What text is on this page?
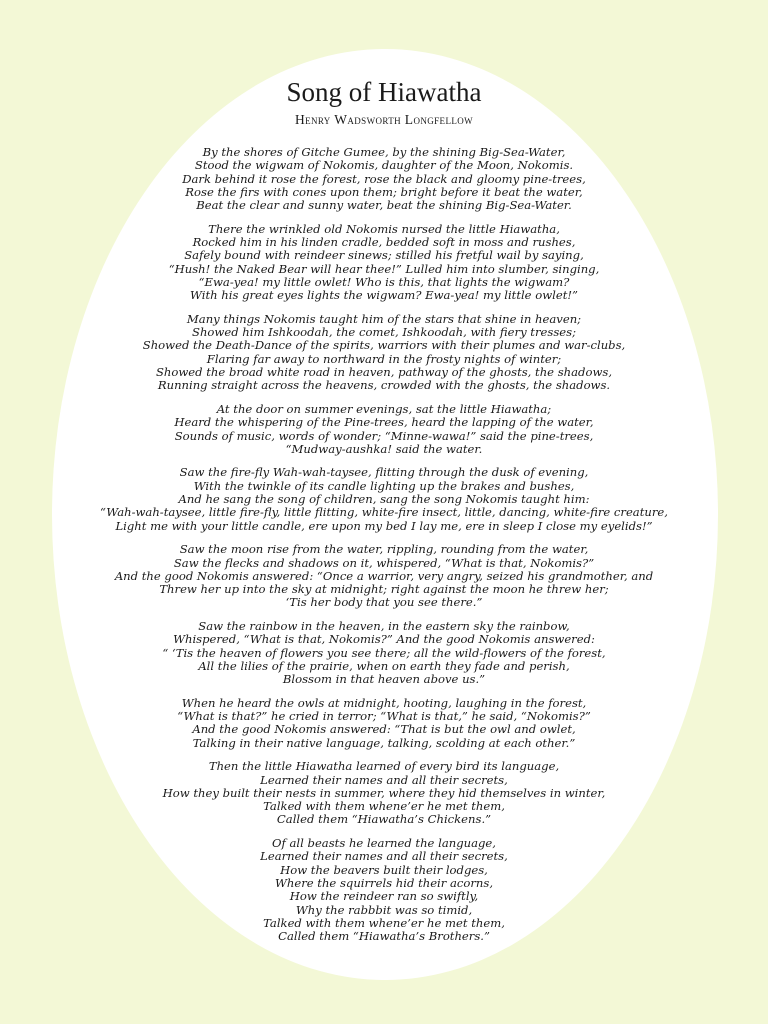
Song of Hiawatha
Henry Wadsworth Longfellow
By the shores of Gitche Gumee, by the shining Big-Sea-Water,
Stood the wigwam of Nokomis, daughter of the Moon, Nokomis.
Dark behind it rose the forest, rose the black and gloomy pine-trees,
Rose the firs with cones upon them; bright before it beat the water,
Beat the clear and sunny water, beat the shining Big-Sea-Water.
There the wrinkled old Nokomis nursed the little Hiawatha,
Rocked him in his linden cradle, bedded soft in moss and rushes,
Safely bound with reindeer sinews; stilled his fretful wail by saying,
“Hush! the Naked Bear will hear thee!” Lulled him into slumber, singing,
“Ewa-yea! my little owlet! Who is this, that lights the wigwam?
With his great eyes lights the wigwam? Ewa-yea! my little owlet!”
Many things Nokomis taught him of the stars that shine in heaven;
Showed him Ishkoodah, the comet, Ishkoodah, with fiery tresses;
Showed the Death-Dance of the spirits, warriors with their plumes and war-clubs,
Flaring far away to northward in the frosty nights of winter;
Showed the broad white road in heaven, pathway of the ghosts, the shadows,
Running straight across the heavens, crowded with the ghosts, the shadows.
At the door on summer evenings, sat the little Hiawatha;
Heard the whispering of the Pine-trees, heard the lapping of the water,
Sounds of music, words of wonder; “Minne-wawa!” said the pine-trees,
“Mudway-aushka! said the water.
Saw the fire-fly Wah-wah-taysee, flitting through the dusk of evening,
With the twinkle of its candle lighting up the brakes and bushes,
And he sang the song of children, sang the song Nokomis taught him:
“Wah-wah-taysee, little fire-fly, little flitting, white-fire insect, little, dancing, white-fire creature,
Light me with your little candle, ere upon my bed I lay me, ere in sleep I close my eyelids!”
Saw the moon rise from the water, rippling, rounding from the water,
Saw the flecks and shadows on it, whispered, “What is that, Nokomis?”
And the good Nokomis answered: “Once a warrior, very angry, seized his grandmother, and
Threw her up into the sky at midnight; right against the moon he threw her;
‘Tis her body that you see there.”
Saw the rainbow in the heaven, in the eastern sky the rainbow,
Whispered, “What is that, Nokomis?” And the good Nokomis answered:
“ ‘Tis the heaven of flowers you see there; all the wild-flowers of the forest,
All the lilies of the prairie, when on earth they fade and perish,
Blossom in that heaven above us.”
When he heard the owls at midnight, hooting, laughing in the forest,
“What is that?” he cried in terror; “What is that,” he said, “Nokomis?”
And the good Nokomis answered: “That is but the owl and owlet,
Talking in their native language, talking, scolding at each other.”
Then the little Hiawatha learned of every bird its language,
Learned their names and all their secrets,
How they built their nests in summer, where they hid themselves in winter,
Talked with them whene’er he met them,
Called them “Hiawatha’s Chickens.”
Of all beasts he learned the language,
Learned their names and all their secrets,
How the beavers built their lodges,
Where the squirrels hid their acorns,
How the reindeer ran so swiftly,
Why the rabbbit was so timid,
Talked with them whene’er he met them,
Called them “Hiawatha’s Brothers.”
